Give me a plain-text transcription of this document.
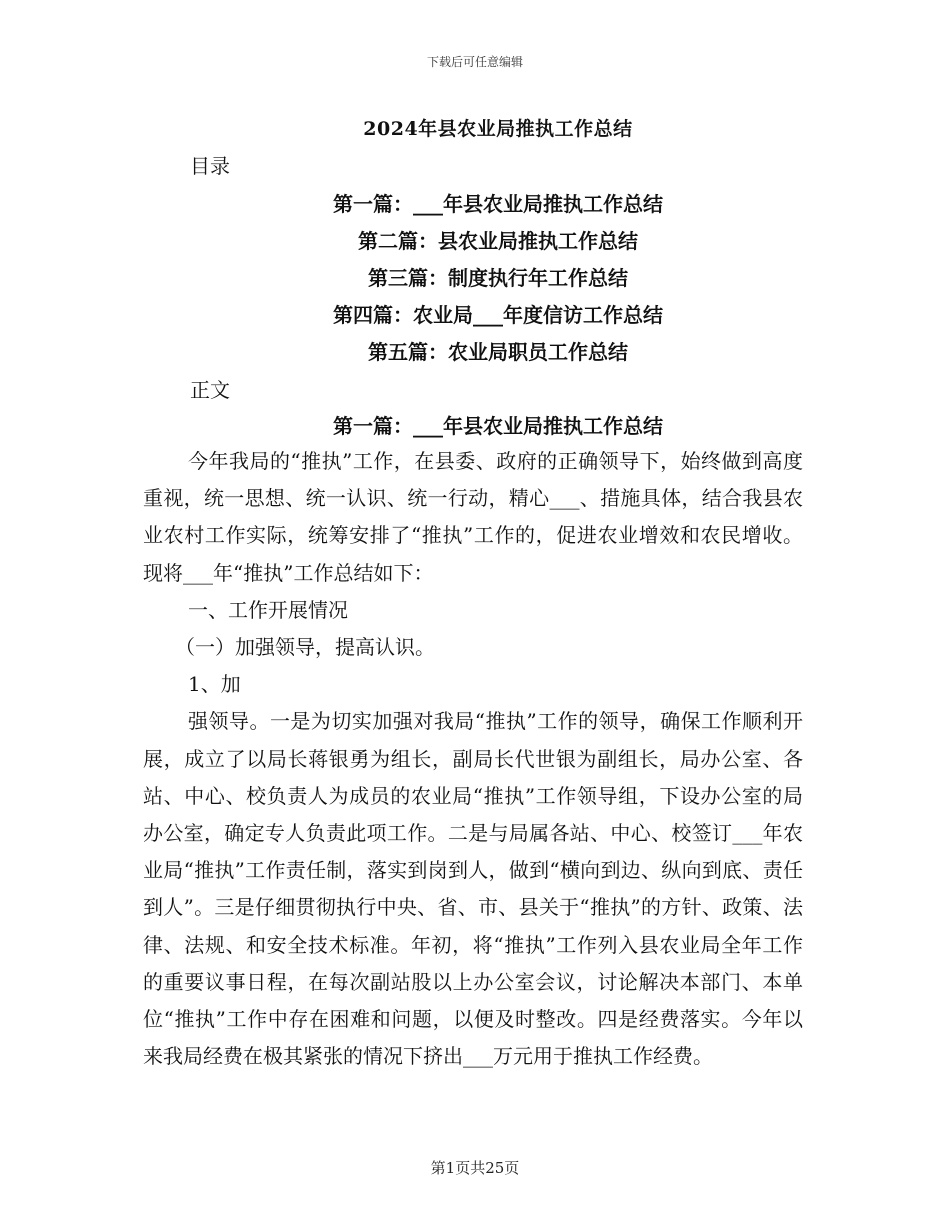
下载后可任意编辑
2024年县农业局推执工作总结
目录
第一篇：___年县农业局推执工作总结
第二篇：县农业局推执工作总结
第三篇：制度执行年工作总结
第四篇：农业局___年度信访工作总结
第五篇：农业局职员工作总结
正文
第一篇：___年县农业局推执工作总结

今年我局的“推执”工作，在县委、政府的正确领导下，始终做到高度重视，统一思想、统一认识、统一行动，精心___、措施具体，结合我县农业农村工作实际，统筹安排了“推执”工作的，促进农业增效和农民增收。现将___年“推执”工作总结如下：

一、工作开展情况

（一）加强领导，提高认识。

1、加

强领导。一是为切实加强对我局“推执”工作的领导，确保工作顺利开展，成立了以局长蒋银勇为组长，副局长代世银为副组长，局办公室、各站、中心、校负责人为成员的农业局“推执”工作领导组，下设办公室的局办公室，确定专人负责此项工作。二是与局属各站、中心、校签订___年农业局“推执”工作责任制，落实到岗到人，做到“横向到边、纵向到底、责任到人”。三是仔细贯彻执行中央、省、市、县关于“推执”的方针、政策、法律、法规、和安全技术标准。年初，将“推执”工作列入县农业局全年工作的重要议事日程，在每次副站股以上办公室会议，讨论解决本部门、本单位“推执”工作中存在困难和问题，以便及时整改。四是经费落实。今年以来我局经费在极其紧张的情况下挤出___万元用于推执工作经费。

第1页共25页
